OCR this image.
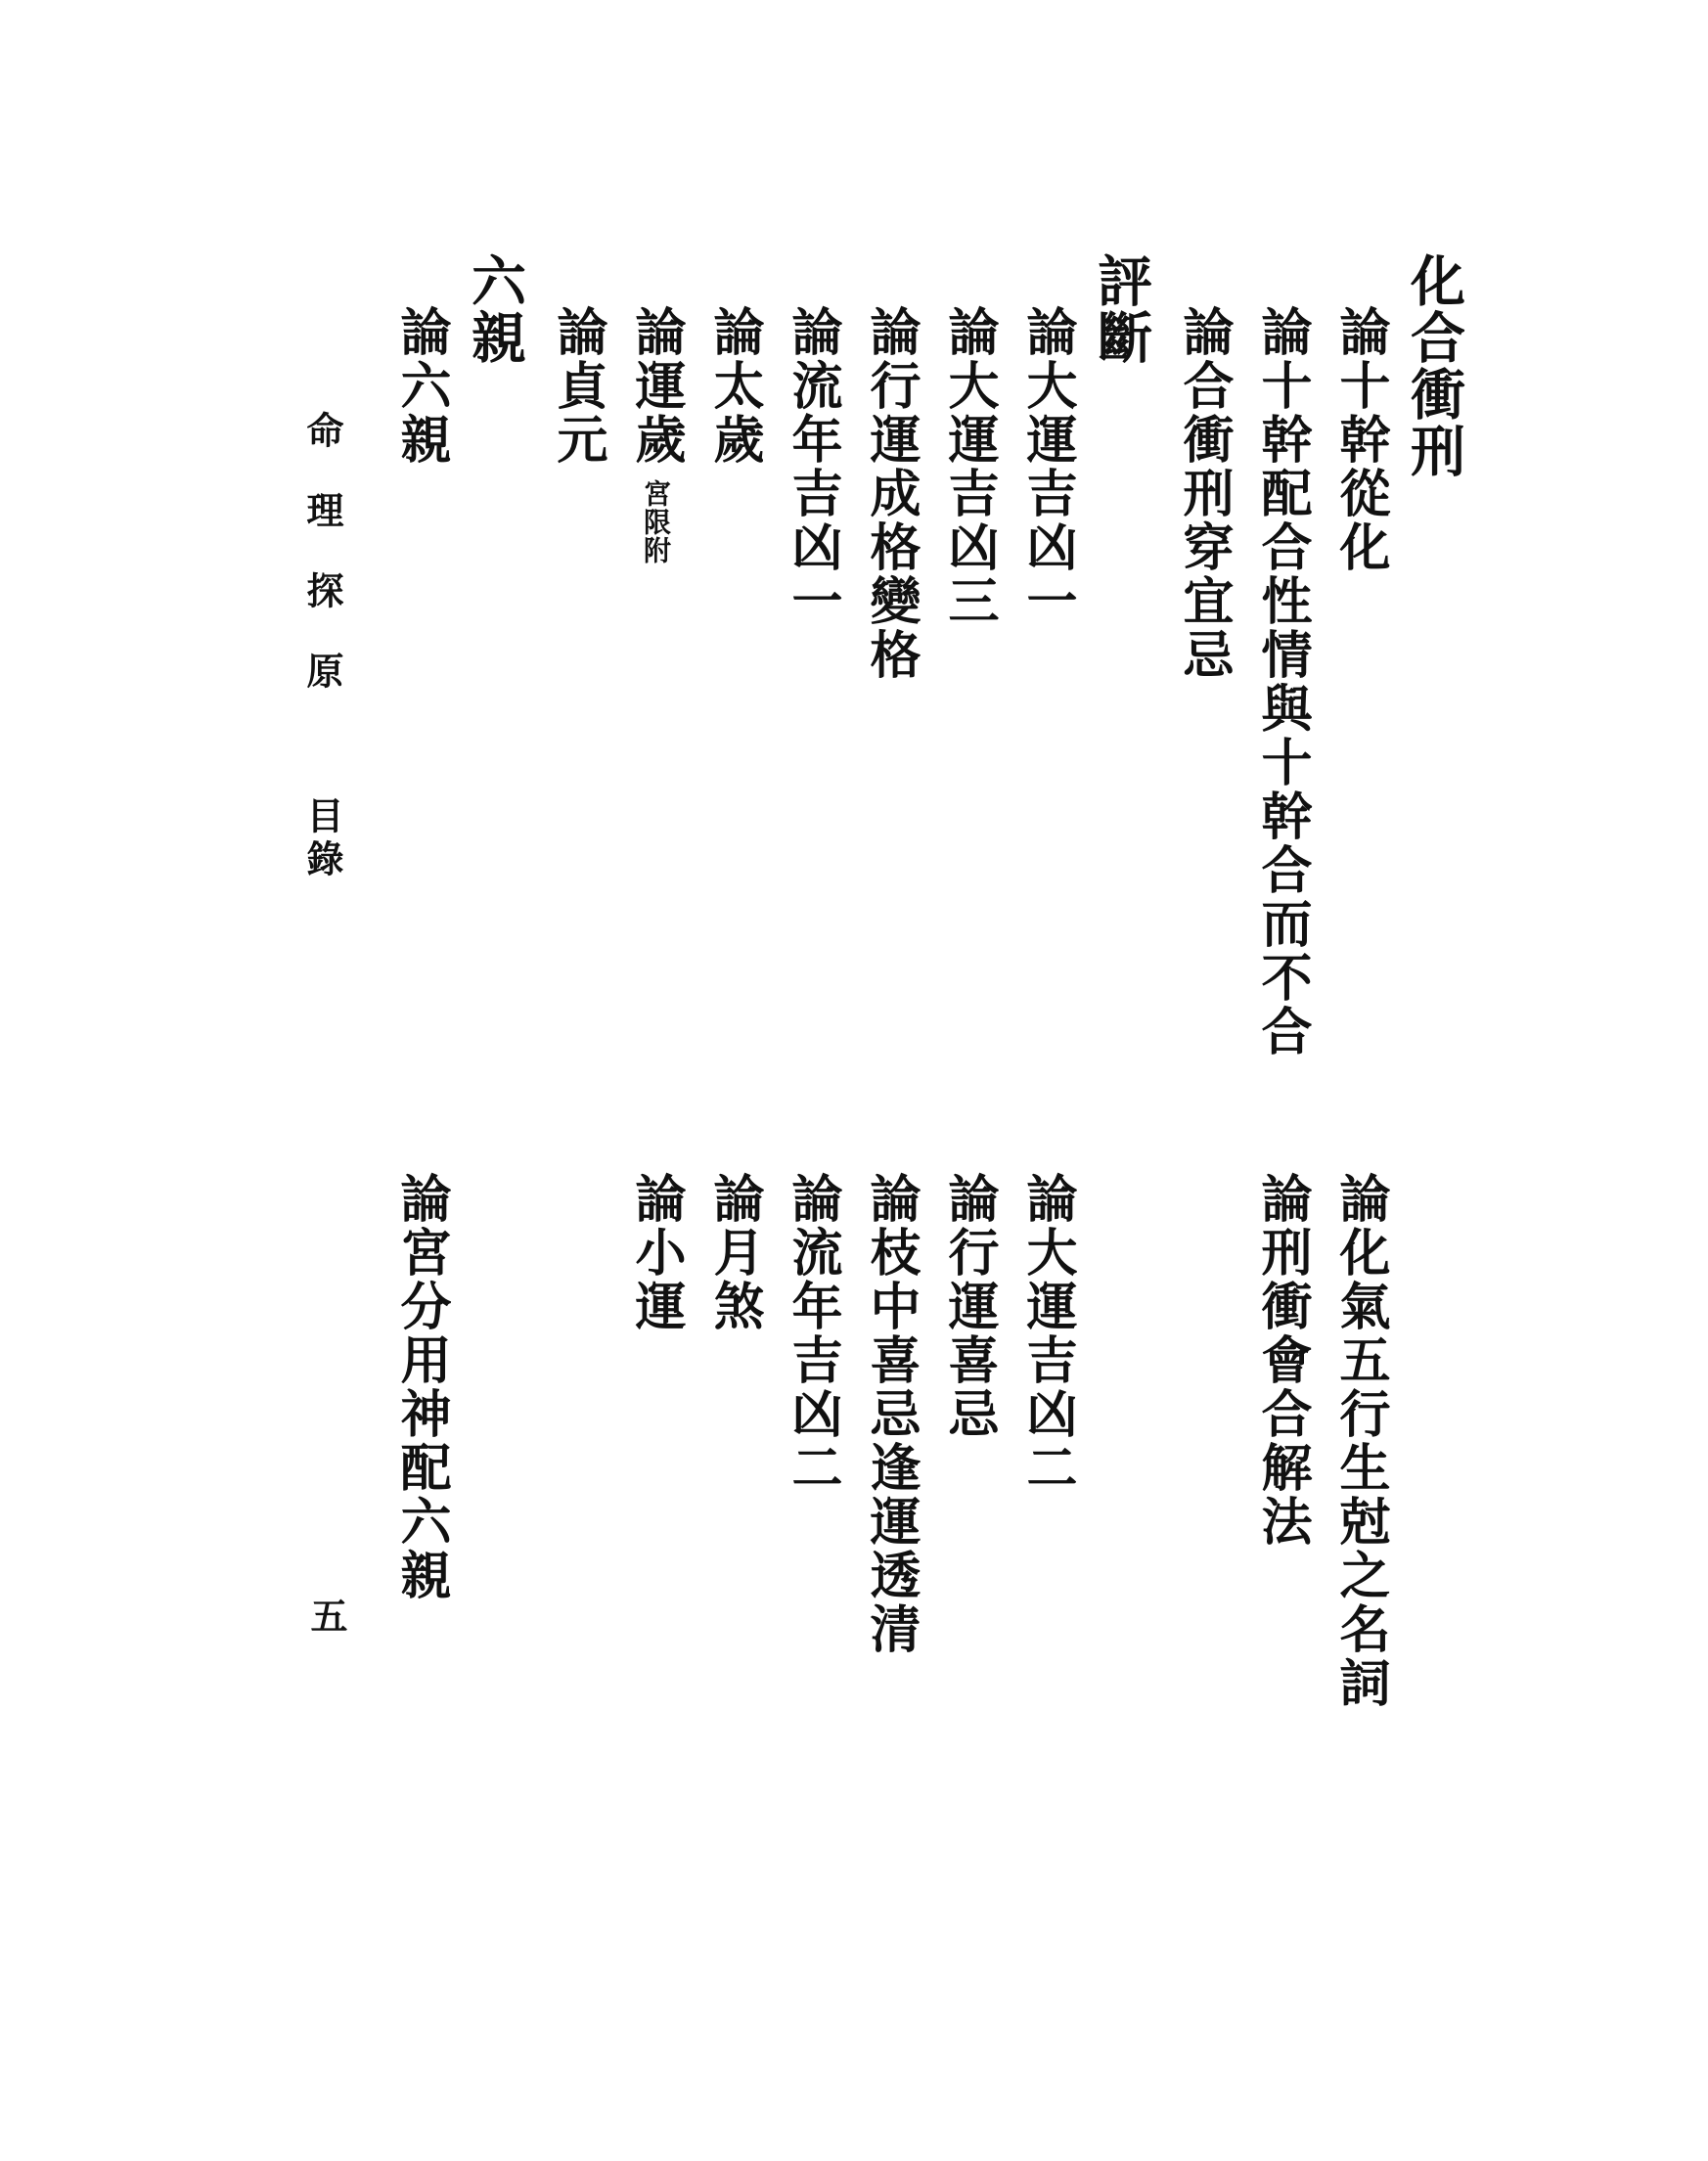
化合衝刑
論十幹從化
論十幹配合性情與十幹合而不合
論合衝刑穿宜忌
論化氣五行生尅之名詞
論刑衝會合解法
評斷
論大運吉凶一
論大運吉凶三
論行運成格變格
論流年吉凶一
論太歲
論運歲
宮限附
論貞元
論大運吉凶二
論行運喜忌
論枝中喜忌逢運透清
論流年吉凶二
論月煞
論小運
六親
論六親
論宮分用神配六親
命理探原
目錄
五
